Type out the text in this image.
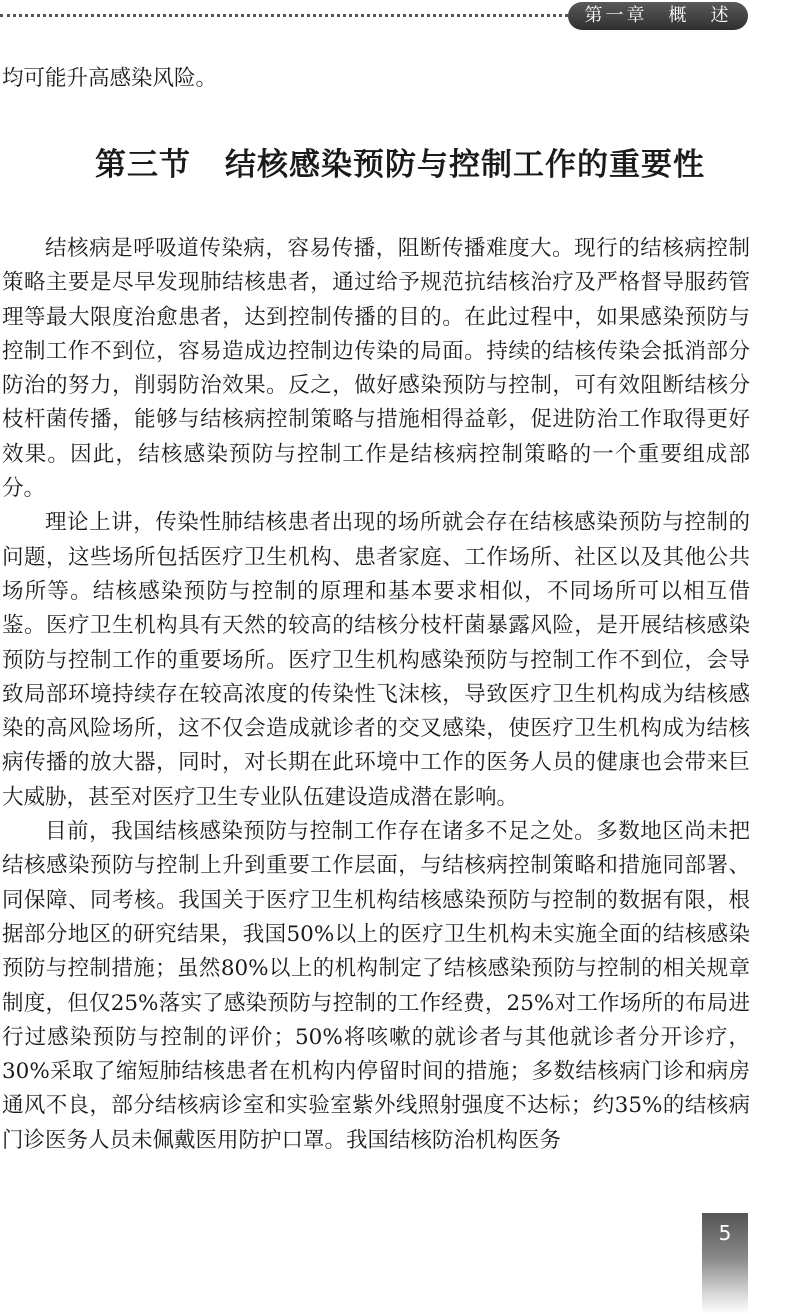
第一章　概　述

均可能升高感染风险。

第三节 结核感染预防与控制工作的重要性

结核病是呼吸道传染病，容易传播，阻断传播难度大。现行的结核病控制策略主要是尽早发现肺结核患者，通过给予规范抗结核治疗及严格督导服药管理等最大限度治愈患者，达到控制传播的目的。在此过程中，如果感染预防与控制工作不到位，容易造成边控制边传染的局面。持续的结核传染会抵消部分防治的努力，削弱防治效果。反之，做好感染预防与控制，可有效阻断结核分枝杆菌传播，能够与结核病控制策略与措施相得益彰，促进防治工作取得更好效果。因此，结核感染预防与控制工作是结核病控制策略的一个重要组成部分。

理论上讲，传染性肺结核患者出现的场所就会存在结核感染预防与控制的问题，这些场所包括医疗卫生机构、患者家庭、工作场所、社区以及其他公共场所等。结核感染预防与控制的原理和基本要求相似，不同场所可以相互借鉴。医疗卫生机构具有天然的较高的结核分枝杆菌暴露风险，是开展结核感染预防与控制工作的重要场所。医疗卫生机构感染预防与控制工作不到位，会导致局部环境持续存在较高浓度的传染性飞沫核，导致医疗卫生机构成为结核感染的高风险场所，这不仅会造成就诊者的交叉感染，使医疗卫生机构成为结核病传播的放大器，同时，对长期在此环境中工作的医务人员的健康也会带来巨大威胁，甚至对医疗卫生专业队伍建设造成潜在影响。

目前，我国结核感染预防与控制工作存在诸多不足之处。多数地区尚未把结核感染预防与控制上升到重要工作层面，与结核病控制策略和措施同部署、同保障、同考核。我国关于医疗卫生机构结核感染预防与控制的数据有限，根据部分地区的研究结果，我国50%以上的医疗卫生机构未实施全面的结核感染预防与控制措施；虽然80%以上的机构制定了结核感染预防与控制的相关规章制度，但仅25%落实了感染预防与控制的工作经费，25%对工作场所的布局进行过感染预防与控制的评价；50%将咳嗽的就诊者与其他就诊者分开诊疗，30%采取了缩短肺结核患者在机构内停留时间的措施；多数结核病门诊和病房通风不良，部分结核病诊室和实验室紫外线照射强度不达标；约35%的结核病门诊医务人员未佩戴医用防护口罩。我国结核防治机构医务

5
